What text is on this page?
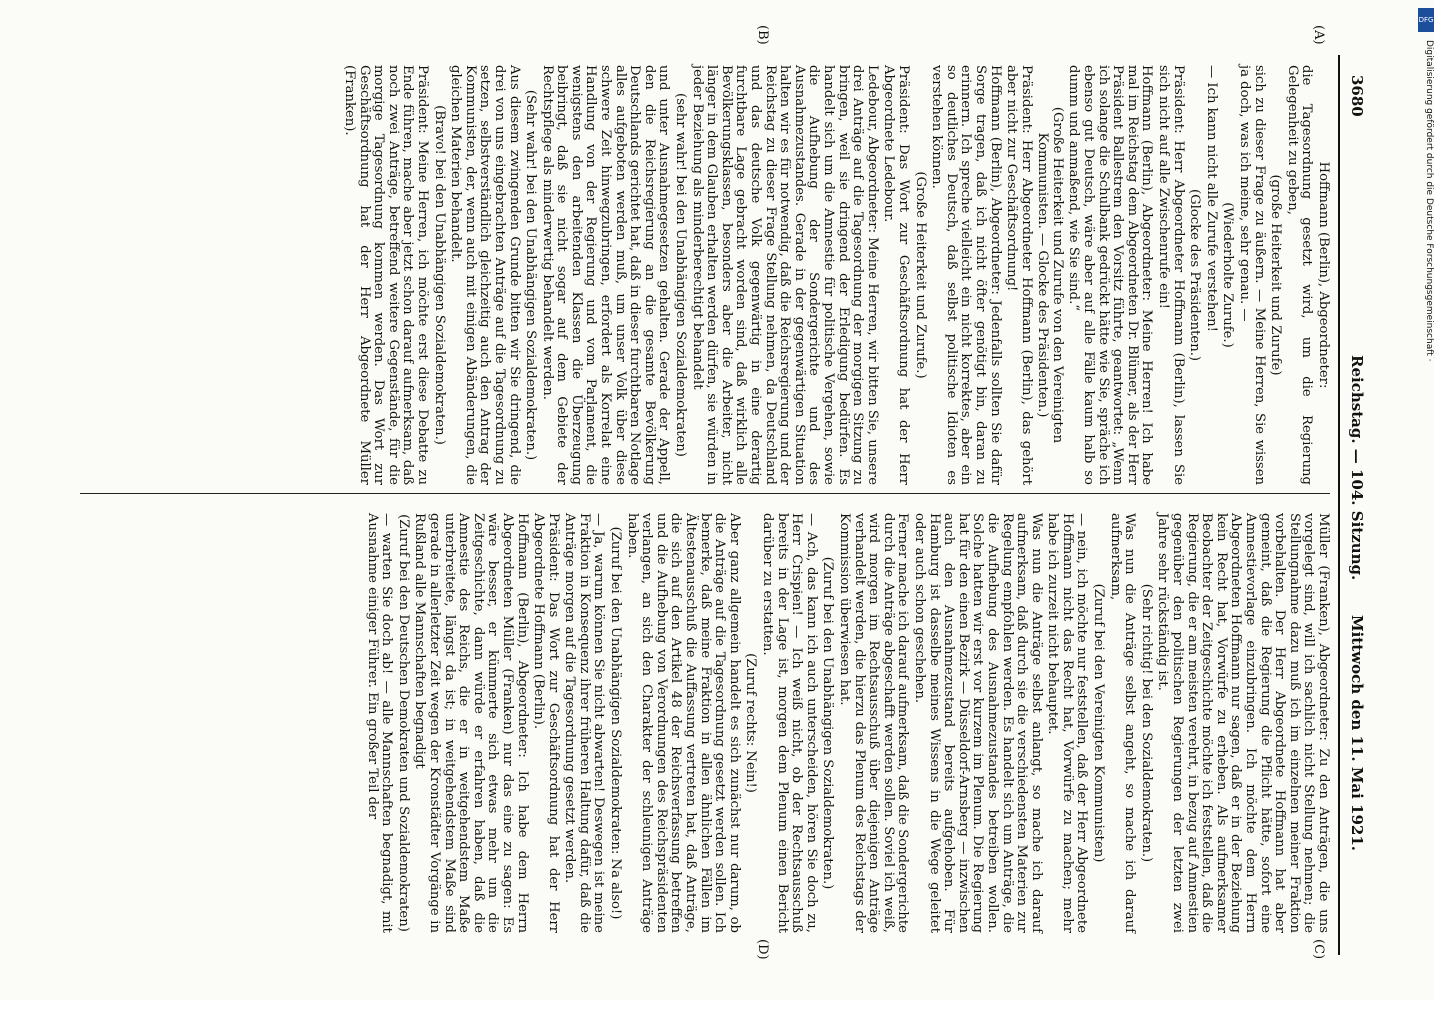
3680
Reichstag. — 104. Sitzung.
Mittwoch den 11. Mai 1921.

Hoffmann (Berlin), Abgeordneter:

die Tagesordnung gesetzt wird, um die Regierung Gelegenheit zu geben,

(große Heiterkeit und Zurufe)

sich zu dieser Frage zu äußern. — Meine Herren, Sie wissen ja doch, was ich meine, sehr genau. —

(Wiederholte Zurufe.)

— Ich kann nicht alle Zurufe verstehen!

(Glocke des Präsidenten.)

Präsident: Herr Abgeordneter Hoffmann (Berlin), lassen Sie sich nicht auf alle Zwischenrufe ein!

Hoffmann (Berlin), Abgeordneter: Meine Herren! Ich habe mal im Reichstag dem Abgeordneten Dr. Blümer, als der Herr Präsident Ballestrem den Vorsitz führte, geantwortet: „Wenn ich solange die Schulbank gedrückt hätte wie Sie, spräche ich ebenso gut Deutsch, wäre aber auf alle Fälle kaum halb so dumm und anmaßend, wie Sie sind.“

(Große Heiterkeit und Zurufe von den Vereinigten Kommunisten. — Glocke des Präsidenten.)

Präsident: Herr Abgeordneter Hoffmann (Berlin), das gehört aber nicht zur Geschäftsordnung!

Hoffmann (Berlin), Abgeordneter: Jedenfalls sollten Sie dafür Sorge tragen, daß ich nicht öfter genötigt bin, daran zu erinnern. Ich spreche vielleicht ein nicht korrektes, aber ein so deutliches Deutsch, daß selbst politische Idioten es verstehen können.

(Große Heiterkeit und Zurufe.)

Präsident: Das Wort zur Geschäftsordnung hat der Herr Abgeordnete Ledebour.

Ledebour, Abgeordneter: Meine Herren, wir bitten Sie, unsere drei Anträge auf die Tagesordnung der morgigen Sitzung zu bringen, weil sie dringend der Erledigung bedürfen. Es handelt sich um die Amnestie für politische Vergehen, sowie die Aufhebung der Sondergerichte und des Ausnahmezustandes. Gerade in der gegenwärtigen Situation halten wir es für notwendig, daß die Reichsregierung und der Reichstag zu dieser Frage Stellung nehmen, da Deutschland und das deutsche Volk gegenwärtig in eine derartig furchtbare Lage gebracht worden sind, daß wirklich alle Bevölkerungsklassen, besonders aber die Arbeiter, nicht länger in dem Glauben erhalten werden dürfen, sie würden in jeder Beziehung als minderberechtigt behandelt

(sehr wahr! bei den Unabhängigen Sozialdemokraten)

und unter Ausnahmegesetzen gehalten. Gerade der Appell, den die Reichsregierung an die gesamte Bevölkerung Deutschlands gerichtet hat, daß in dieser furchtbaren Notlage alles aufgeboten werden muß, um unser Volk über diese schwere Zeit hinwegzubringen, erfordert als Korrelat eine Handlung von der Regierung und vom Parlament, die wenigstens den arbeitenden Klassen die Überzeugung beibringt, daß sie nicht sogar auf dem Gebiete der Rechtspflege als minderwertig behandelt werden.

(Sehr wahr! bei den Unabhängigen Sozialdemokraten.)

Aus diesem zwingenden Grunde bitten wir Sie dringend, die drei von uns eingebrachten Anträge auf die Tagesordnung zu setzen, selbstverständlich gleichzeitig auch den Antrag der Kommunisten, der, wenn auch mit einigen Abänderungen, die gleichen Materien behandelt.

(Bravo! bei den Unabhängigen Sozialdemokraten.)

Präsident: Meine Herren, ich möchte erst diese Debatte zu Ende führen, mache aber jetzt schon darauf aufmerksam, daß noch zwei Anträge, betreffend weitere Gegenstände, für die morgige Tagesordnung kommen werden. Das Wort zur Geschäftsordnung hat der Herr Abgeordnete Müller (Franken).

Müller (Franken), Abgeordneter: Zu den Anträgen, die uns vorgelegt sind, will ich sachlich nicht Stellung nehmen; die Stellungnahme dazu muß ich im einzelnen meiner Fraktion vorbehalten. Der Herr Abgeordnete Hoffmann hat aber gemeint, daß die Regierung die Pflicht hätte, sofort eine Amnestievorlage einzubringen. Ich möchte dem Herrn Abgeordneten Hoffmann nur sagen, daß er in der Beziehung kein Recht hat, Vorwürfe zu erheben. Als aufmerksamer Beobachter der Zeitgeschichte möchte ich feststellen, daß die Regierung, die er am meisten verehrt, in bezug auf Amnestien gegenüber den politischen Regierungen der letzten zwei Jahre sehr rückständig ist.

(Sehr richtig! bei den Sozialdemokraten.)

Was nun die Anträge selbst angeht, so mache ich darauf aufmerksam,

(Zuruf bei den Vereinigten Kommunisten)

— nein, ich möchte nur feststellen, daß der Herr Abgeordnete Hoffmann nicht das Recht hat, Vorwürfe zu machen; mehr habe ich zurzeit nicht behauptet.

Was nun die Anträge selbst anlangt, so mache ich darauf aufmerksam, daß durch sie die verschiedensten Materien zur Regelung empfohlen werden. Es handelt sich um Anträge, die die Aufhebung des Ausnahmezustandes betreiben wollen. Solche hatten wir erst vor kurzem im Plenum. Die Regierung hat für den einen Bezirk — Düsseldorf-Arnsberg — inzwischen auch den Ausnahmezustand bereits aufgehoben. Für Hamburg ist dasselbe meines Wissens in die Wege geleitet oder auch schon geschehen.

Ferner mache ich darauf aufmerksam, daß die Sondergerichte durch die Anträge abgeschafft werden sollen. Soviel ich weiß, wird morgen im Rechtsausschuß über diejenigen Anträge verhandelt werden, die hierzu das Plenum des Reichstags der Kommission überwiesen hat.

(Zuruf bei den Unabhängigen Sozialdemokraten.)

— Ach, das kann ich auch unterscheiden, hören Sie doch zu, Herr Crispien! — Ich weiß nicht, ob der Rechtsausschuß bereits in der Lage ist, morgen dem Plenum einen Bericht darüber zu erstatten.

(Zuruf rechts: Nein!)

Aber ganz allgemein handelt es sich zunächst nur darum, ob die Anträge auf die Tagesordnung gesetzt werden sollen. Ich bemerke, daß meine Fraktion in allen ähnlichen Fällen im Ältestenausschuß die Auffassung vertreten hat, daß Anträge, die sich auf den Artikel 48 der Reichsverfassung betreffen und die Aufhebung von Verordnungen des Reichspräsidenten verlangen, an sich den Charakter der schleunigen Anträge haben.

(Zuruf bei den Unabhängigen Sozialdemokraten: Na also!)

— Ja, warum können Sie nicht abwarten! Deswegen ist meine Fraktion in Konsequenz ihrer früheren Haltung dafür, daß die Anträge morgen auf die Tagesordnung gesetzt werden.

Präsident: Das Wort zur Geschäftsordnung hat der Herr Abgeordnete Hoffmann (Berlin).

Hoffmann (Berlin), Abgeordneter: Ich habe dem Herrn Abgeordneten Müller (Franken) nur das eine zu sagen: Es wäre besser, er kümmerte sich etwas mehr um die Zeitgeschichte, dann würde er erfahren haben, daß die Amnestie des Reichs, die er in weitgehendstem Maße unterbreitete, längst da ist; in weitgehendstem Maße sind gerade in allerletzter Zeit wegen der Kronstädter Vorgänge in Rußland alle Mannschaften begnadigt

(Zuruf bei den Deutschen Demokraten und Sozialdemokraten)

— warten Sie doch ab! — alle Mannschaften begnadigt, mit Ausnahme einiger Führer. Ein großer Teil der

(A)
(B)
(C)
(D)
DFG
Digitalisierung gefördert durch die Deutsche Forschungsgemeinschaft ·
